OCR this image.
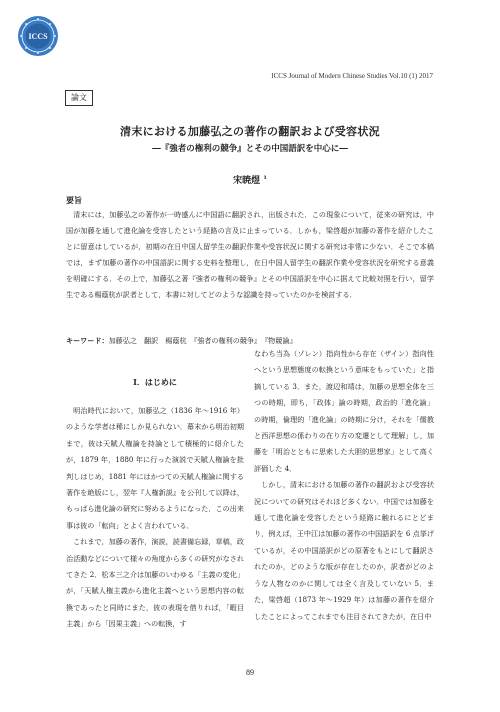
ICCS
ICCS Journal of Modern Chinese Studies Vol.10 (1) 2017
論文
清末における加藤弘之の著作の翻訳および受容状況
―『強者の権利の競争』とその中国語訳を中心に―
宋暁煜 $^1$
要旨

清末には，加藤弘之の著作が一時盛んに中国語に翻訳され，出版された．この現象について，従来の研究は，中国が加藤を通して進化論を受容したという経路の言及に止まっている．しかも，梁啓超が加藤の著作を紹介したことに留意はしているが，初期の在日中国人留学生の翻訳作業や受容状況に関する研究は非常に少ない．そこで本稿では，まず加藤の著作の中国語訳に関する史料を整理し，在日中国人留学生の翻訳作業や受容状況を研究する意義を明確にする．その上で，加藤弘之著『強者の権利の競争』とその中国語訳を中心に据えて比較対照を行い，留学生である楊蔭杭が訳者として，本書に対してどのような認識を持っていたのかを検討する．

キーワード：加藤弘之　翻訳　楊蔭杭　『強者の権利の競争』　『物競論』
I．はじめに

明治時代において，加藤弘之（1836 年〜1916 年）のような学者は稀にしか見られない．幕末から明治初期まで，彼は天賦人権論を持論として積極的に紹介したが，1879 年，1880 年に行った演説で天賦人権論を批判しはじめ，1881 年にはかつての天賦人権論に関する著作を絶版にし，翌年『人権新説』を公刊して以降は，もっぱら進化論の研究に努めるようになった．この出来事は彼の「転向」とよく言われている．

これまで，加藤の著作，演説，読書備忘録，草稿，政治活動などについて様々の角度から多くの研究がなされてきた 2．松本三之介は加藤のいわゆる「主義の変化」が，「天賦人権主義から進化主義へという思想内容の転換であったと同時にまた，彼の表現を借りれば，「暇目主義」から「因果主義」への転換，す

なわち当為（ゾレン）指向性から存在（ザイン）指向性へという思想態度の転換という意味をもっていた」と指摘している 3．また，渡辺和靖は，加藤の思想全体を三つの時期，即ち，「政体」論の時期，政治的「進化論」の時期，倫理的「進化論」の時期に分け，それを「儒教と西洋思想の係わりの在り方の変遷として理解」し，加藤を「明治とともに思索した大胆的思想家」として高く評価した 4．

しかし，清末における加藤の著作の翻訳および受容状況についての研究はそれほど多くない．中国では加藤を通して進化論を受容したという経路に触れるにとどまり，例えば，王中江は加藤の著作の中国語訳を 6 点挙げているが，その中国語訳がどの原著をもとにして翻訳されたのか，どのような版が存在したのか，訳者がどのような人物なのかに関しては全く言及していない 5．また，梁啓超（1873 年〜1929 年）は加藤の著作を紹介したことによってこれまでも注目されてきたが，在日中

89
